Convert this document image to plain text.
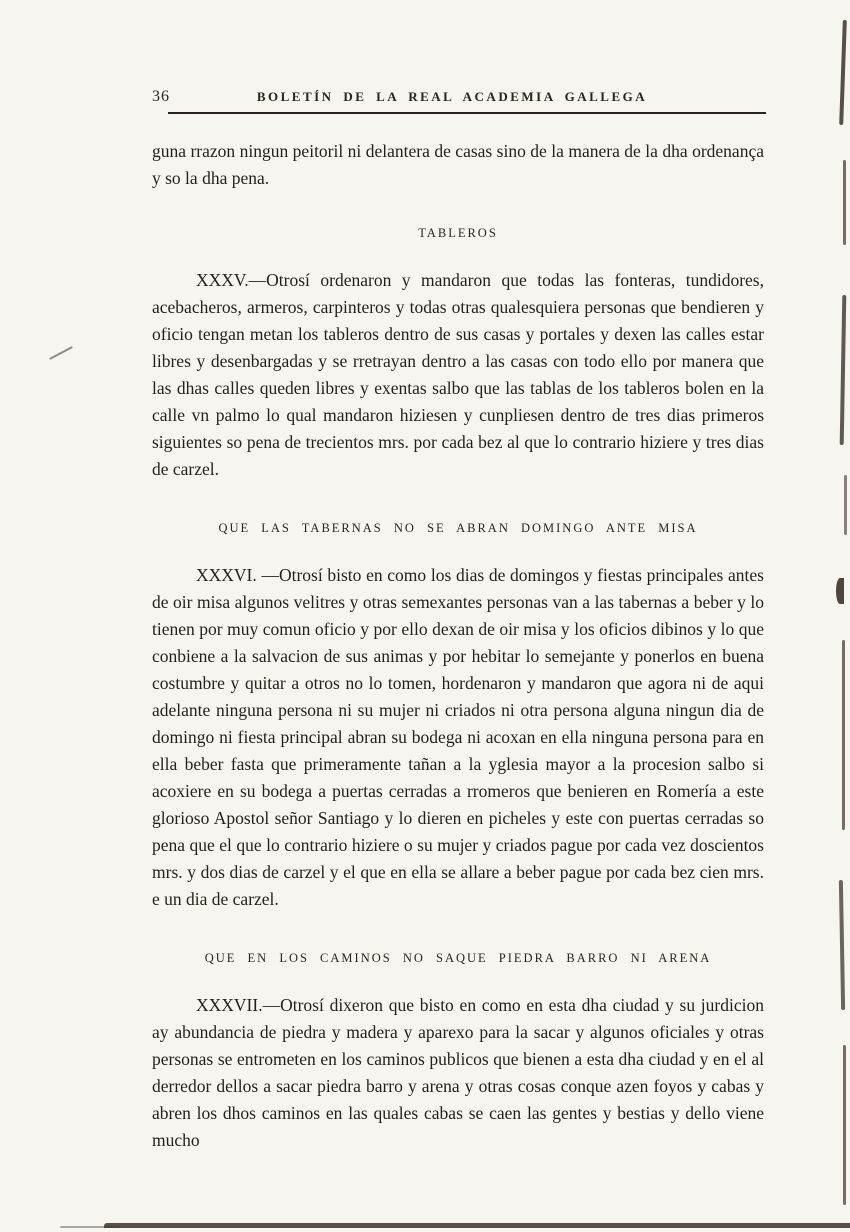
36	BOLETÍN DE LA REAL ACADEMIA GALLEGA

guna rrazon ningun peitoril ni delantera de casas sino de la manera de la dha ordenança y so la dha pena.

TABLEROS

XXXV.—Otrosí ordenaron y mandaron que todas las fonteras, tundidores, acebacheros, armeros, carpinteros y todas otras qualesquiera personas que bendieren y oficio tengan metan los tableros dentro de sus casas y portales y dexen las calles estar libres y desenbargadas y se rretrayan dentro a las casas con todo ello por manera que las dhas calles queden libres y exentas salbo que las tablas de los tableros bolen en la calle vn palmo lo qual mandaron hiziesen y cunpliesen dentro de tres dias primeros siguientes so pena de trecientos mrs. por cada bez al que lo contrario hiziere y tres dias de carzel.

QUE LAS TABERNAS NO SE ABRAN DOMINGO ANTE MISA

XXXVI. —Otrosí bisto en como los dias de domingos y fiestas principales antes de oir misa algunos velitres y otras semexantes personas van a las tabernas a beber y lo tienen por muy comun oficio y por ello dexan de oir misa y los oficios dibinos y lo que conbiene a la salvacion de sus animas y por hebitar lo semejante y ponerlos en buena costumbre y quitar a otros no lo tomen, hordenaron y mandaron que agora ni de aqui adelante ninguna persona ni su mujer ni criados ni otra persona alguna ningun dia de domingo ni fiesta principal abran su bodega ni acoxan en ella ninguna persona para en ella beber fasta que primeramente tañan a la yglesia mayor a la procesion salbo si acoxiere en su bodega a puertas cerradas a rromeros que benieren en Romería a este glorioso Apostol señor Santiago y lo dieren en picheles y este con puertas cerradas so pena que el que lo contrario hiziere o su mujer y criados pague por cada vez doscientos mrs. y dos dias de carzel y el que en ella se allare a beber pague por cada bez cien mrs. e un dia de carzel.

QUE EN LOS CAMINOS NO SAQUE PIEDRA BARRO NI ARENA

XXXVII.—Otrosí dixeron que bisto en como en esta dha ciudad y su jurdicion ay abundancia de piedra y madera y aparexo para la sacar y algunos oficiales y otras personas se entrometen en los caminos publicos que bienen a esta dha ciudad y en el al derredor dellos a sacar piedra barro y arena y otras cosas conque azen foyos y cabas y abren los dhos caminos en las quales cabas se caen las gentes y bestias y dello viene mucho
